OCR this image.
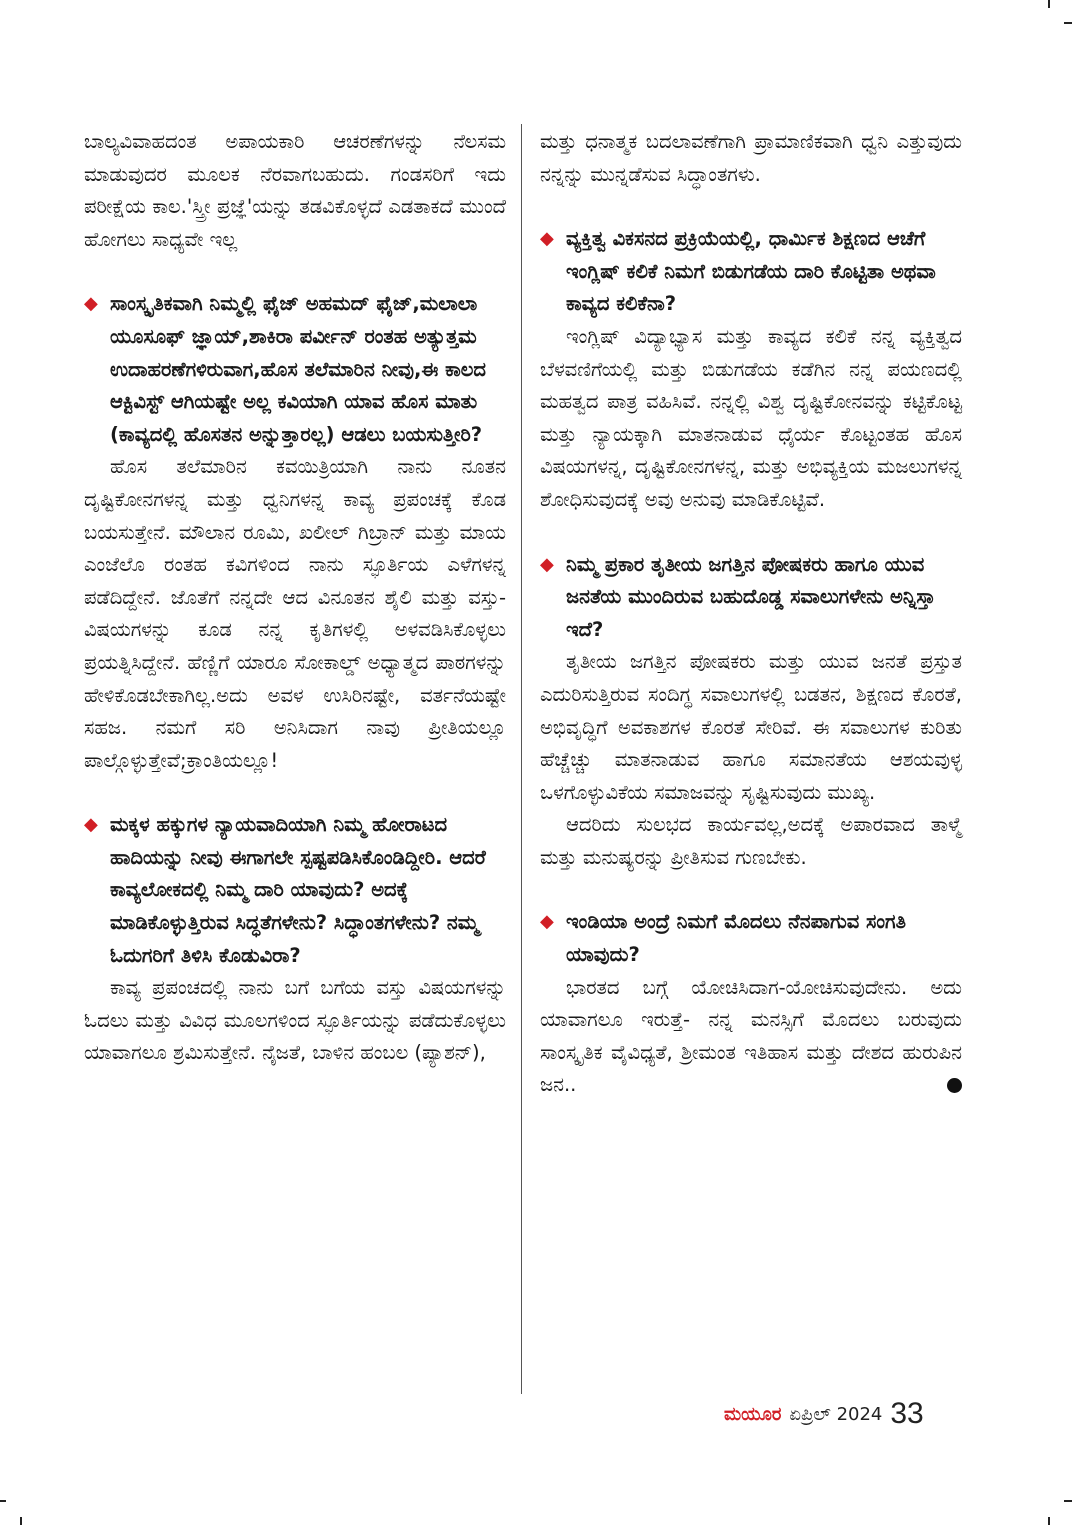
ಬಾಲ್ಯವಿವಾಹದಂತ ಅಪಾಯಕಾರಿ ಆಚರಣೆಗಳನ್ನು ನೆಲಸಮ ಮಾಡುವುದರ ಮೂಲಕ ನೆರವಾಗಬಹುದು. ಗಂಡಸರಿಗೆ ಇದು ಪರೀಕ್ಷೆಯ ಕಾಲ.'ಸ್ತ್ರೀ ಪ್ರಜ್ಞೆ'ಯನ್ನು ತಡವಿಕೊಳ್ಳದೆ ಎಡತಾಕದೆ ಮುಂದೆ ಹೋಗಲು ಸಾಧ್ಯವೇ ಇಲ್ಲ

◆ ಸಾಂಸ್ಕೃತಿಕವಾಗಿ ನಿಮ್ಮಲ್ಲಿ ಫೈಜ್ ಅಹಮದ್ ಫೈಜ್,ಮಲಾಲಾ ಯೂಸೂಫ್ ಜ್ಞಾಯ್,ಶಾಕಿರಾ ಪರ್ವೀನ್ ರಂತಹ ಅತ್ಯುತ್ತಮ ಉದಾಹರಣೆಗಳಿರುವಾಗ,ಹೊಸ ತಲೆಮಾರಿನ ನೀವು,ಈ ಕಾಲದ ಆಕ್ಟಿವಿಸ್ಟ್ ಆಗಿಯಷ್ಟೇ ಅಲ್ಲ ಕವಿಯಾಗಿ ಯಾವ ಹೊಸ ಮಾತು (ಕಾವ್ಯದಲ್ಲಿ ಹೊಸತನ ಅನ್ನುತ್ತಾರಲ್ಲ) ಆಡಲು ಬಯಸುತ್ತೀರಿ?

ಹೊಸ ತಲೆಮಾರಿನ ಕವಯಿತ್ರಿಯಾಗಿ ನಾನು ನೂತನ ದೃಷ್ಟಿಕೋನಗಳನ್ನ ಮತ್ತು ಧ್ವನಿಗಳನ್ನ ಕಾವ್ಯ ಪ್ರಪಂಚಕ್ಕೆ ಕೊಡ ಬಯಸುತ್ತೇನೆ. ಮೌಲಾನ ರೂಮಿ, ಖಲೀಲ್ ಗಿಬ್ರಾನ್ ಮತ್ತು ಮಾಯ ಎಂಜೆಲೊ ರಂತಹ ಕವಿಗಳಿಂದ ನಾನು ಸ್ಫೂರ್ತಿಯ ಎಳೆಗಳನ್ನ ಪಡೆದಿದ್ದೇನೆ. ಜೊತೆಗೆ ನನ್ನದೇ ಆದ ವಿನೂತನ ಶೈಲಿ ಮತ್ತು ವಸ್ತು-ವಿಷಯಗಳನ್ನು ಕೂಡ ನನ್ನ ಕೃತಿಗಳಲ್ಲಿ ಅಳವಡಿಸಿಕೊಳ್ಳಲು ಪ್ರಯತ್ನಿಸಿದ್ದೇನೆ. ಹೆಣ್ಣಿಗೆ ಯಾರೂ ಸೋಕಾಲ್ಡ್ ಅಧ್ಯಾತ್ಮದ ಪಾಠಗಳನ್ನು ಹೇಳಿಕೊಡಬೇಕಾಗಿಲ್ಲ.ಅದು ಅವಳ ಉಸಿರಿನಷ್ಟೇ, ವರ್ತನೆಯಷ್ಟೇ ಸಹಜ. ನಮಗೆ ಸರಿ ಅನಿಸಿದಾಗ ನಾವು ಪ್ರೀತಿಯಲ್ಲೂ ಪಾಲ್ಗೊಳ್ಳುತ್ತೇವೆ;ಕ್ರಾಂತಿಯಲ್ಲೂ!

◆ ಮಕ್ಕಳ ಹಕ್ಕುಗಳ ನ್ಯಾಯವಾದಿಯಾಗಿ ನಿಮ್ಮ ಹೋರಾಟದ ಹಾದಿಯನ್ನು ನೀವು ಈಗಾಗಲೇ ಸ್ಪಷ್ಟಪಡಿಸಿಕೊಂಡಿದ್ದೀರಿ. ಆದರೆ ಕಾವ್ಯಲೋಕದಲ್ಲಿ ನಿಮ್ಮ ದಾರಿ ಯಾವುದು? ಅದಕ್ಕೆ ಮಾಡಿಕೊಳ್ಳುತ್ತಿರುವ ಸಿದ್ಧತೆಗಳೇನು? ಸಿದ್ಧಾಂತಗಳೇನು? ನಮ್ಮ ಓದುಗರಿಗೆ ತಿಳಿಸಿ ಕೊಡುವಿರಾ?

ಕಾವ್ಯ ಪ್ರಪಂಚದಲ್ಲಿ ನಾನು ಬಗೆ ಬಗೆಯ ವಸ್ತು ವಿಷಯಗಳನ್ನು ಓದಲು ಮತ್ತು ವಿವಿಧ ಮೂಲಗಳಿಂದ ಸ್ಫೂರ್ತಿಯನ್ನು ಪಡೆದುಕೊಳ್ಳಲು ಯಾವಾಗಲೂ ಶ್ರಮಿಸುತ್ತೇನೆ. ನೈಜತೆ, ಬಾಳಿನ ಹಂಬಲ (ಪ್ಯಾಶನ್),

ಮತ್ತು ಧನಾತ್ಮಕ ಬದಲಾವಣೆಗಾಗಿ ಪ್ರಾಮಾಣಿಕವಾಗಿ ಧ್ವನಿ ಎತ್ತುವುದು ನನ್ನನ್ನು ಮುನ್ನಡೆಸುವ ಸಿದ್ಧಾಂತಗಳು.

◆ ವ್ಯಕ್ತಿತ್ವ ವಿಕಸನದ ಪ್ರಕ್ರಿಯೆಯಲ್ಲಿ, ಧಾರ್ಮಿಕ ಶಿಕ್ಷಣದ ಆಚೆಗೆ ಇಂಗ್ಲಿಷ್ ಕಲಿಕೆ ನಿಮಗೆ ಬಿಡುಗಡೆಯ ದಾರಿ ಕೊಟ್ಟಿತಾ ಅಥವಾ ಕಾವ್ಯದ ಕಲಿಕೆನಾ?

ಇಂಗ್ಲಿಷ್ ವಿದ್ಯಾಭ್ಯಾಸ ಮತ್ತು ಕಾವ್ಯದ ಕಲಿಕೆ ನನ್ನ ವ್ಯಕ್ತಿತ್ವದ ಬೆಳವಣಿಗೆಯಲ್ಲಿ ಮತ್ತು ಬಿಡುಗಡೆಯ ಕಡೆಗಿನ ನನ್ನ ಪಯಣದಲ್ಲಿ ಮಹತ್ವದ ಪಾತ್ರ ವಹಿಸಿವೆ. ನನ್ನಲ್ಲಿ ವಿಶ್ವ ದೃಷ್ಟಿಕೋನವನ್ನು ಕಟ್ಟಿಕೊಟ್ಟ ಮತ್ತು ನ್ಯಾಯಕ್ಕಾಗಿ ಮಾತನಾಡುವ ಧೈರ್ಯ ಕೊಟ್ಟಂತಹ ಹೊಸ ವಿಷಯಗಳನ್ನ, ದೃಷ್ಟಿಕೋನಗಳನ್ನ, ಮತ್ತು ಅಭಿವ್ಯಕ್ತಿಯ ಮಜಲುಗಳನ್ನ ಶೋಧಿಸುವುದಕ್ಕೆ ಅವು ಅನುವು ಮಾಡಿಕೊಟ್ಟಿವೆ.

◆ ನಿಮ್ಮ ಪ್ರಕಾರ ತೃತೀಯ ಜಗತ್ತಿನ ಪೋಷಕರು ಹಾಗೂ ಯುವ ಜನತೆಯ ಮುಂದಿರುವ ಬಹುದೊಡ್ಡ ಸವಾಲುಗಳೇನು ಅನ್ನಿಸ್ತಾ ಇದೆ?

ತೃತೀಯ ಜಗತ್ತಿನ ಪೋಷಕರು ಮತ್ತು ಯುವ ಜನತೆ ಪ್ರಸ್ತುತ ಎದುರಿಸುತ್ತಿರುವ ಸಂದಿಗ್ಧ ಸವಾಲುಗಳಲ್ಲಿ ಬಡತನ, ಶಿಕ್ಷಣದ ಕೊರತೆ, ಅಭಿವೃದ್ಧಿಗೆ ಅವಕಾಶಗಳ ಕೊರತೆ ಸೇರಿವೆ. ಈ ಸವಾಲುಗಳ ಕುರಿತು ಹೆಚ್ಚೆಚ್ಚು ಮಾತನಾಡುವ ಹಾಗೂ ಸಮಾನತೆಯ ಆಶಯವುಳ್ಳ ಒಳಗೊಳ್ಳುವಿಕೆಯ ಸಮಾಜವನ್ನು ಸೃಷ್ಟಿಸುವುದು ಮುಖ್ಯ.

ಆದರಿದು ಸುಲಭದ ಕಾರ್ಯವಲ್ಲ,ಅದಕ್ಕೆ ಅಪಾರವಾದ ತಾಳ್ಮೆ ಮತ್ತು ಮನುಷ್ಯರನ್ನು ಪ್ರೀತಿಸುವ ಗುಣಬೇಕು.

◆ ಇಂಡಿಯಾ ಅಂದ್ರೆ ನಿಮಗೆ ಮೊದಲು ನೆನಪಾಗುವ ಸಂಗತಿ ಯಾವುದು?

ಭಾರತದ ಬಗ್ಗೆ ಯೋಚಿಸಿದಾಗ-ಯೋಚಿಸುವುದೇನು. ಅದು ಯಾವಾಗಲೂ ಇರುತ್ತೆ- ನನ್ನ ಮನಸ್ಸಿಗೆ ಮೊದಲು ಬರುವುದು ಸಾಂಸ್ಕೃತಿಕ ವೈವಿಧ್ಯತೆ, ಶ್ರೀಮಂತ ಇತಿಹಾಸ ಮತ್ತು ದೇಶದ ಹುರುಪಿನ ಜನ..

ಮಯೂರ ಏಪ್ರಿಲ್ 2024 33
